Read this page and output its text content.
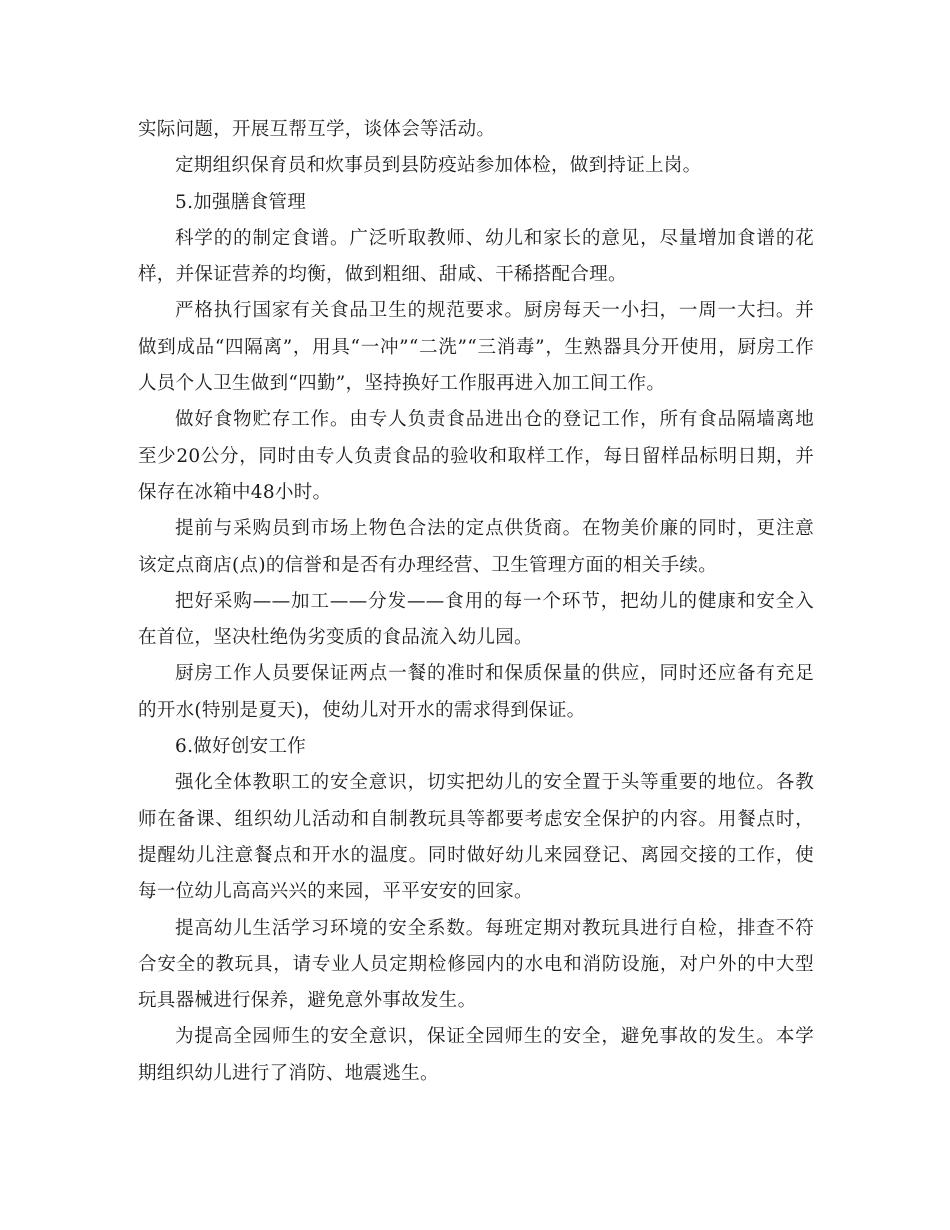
实际问题，开展互帮互学，谈体会等活动。

定期组织保育员和炊事员到县防疫站参加体检，做到持证上岗。

5.加强膳食管理

科学的的制定食谱。广泛听取教师、幼儿和家长的意见，尽量增加食谱的花样，并保证营养的均衡，做到粗细、甜咸、干稀搭配合理。

严格执行国家有关食品卫生的规范要求。厨房每天一小扫，一周一大扫。并做到成品“四隔离”，用具“一冲”“二洗”“三消毒”，生熟器具分开使用，厨房工作人员个人卫生做到“四勤”，坚持换好工作服再进入加工间工作。

做好食物贮存工作。由专人负责食品进出仓的登记工作，所有食品隔墙离地至少20公分，同时由专人负责食品的验收和取样工作，每日留样品标明日期，并保存在冰箱中48小时。

提前与采购员到市场上物色合法的定点供货商。在物美价廉的同时，更注意该定点商店(点)的信誉和是否有办理经营、卫生管理方面的相关手续。

把好采购——加工——分发——食用的每一个环节，把幼儿的健康和安全入在首位，坚决杜绝伪劣变质的食品流入幼儿园。

厨房工作人员要保证两点一餐的准时和保质保量的供应，同时还应备有充足的开水(特别是夏天)，使幼儿对开水的需求得到保证。

6.做好创安工作

强化全体教职工的安全意识，切实把幼儿的安全置于头等重要的地位。各教师在备课、组织幼儿活动和自制教玩具等都要考虑安全保护的内容。用餐点时，提醒幼儿注意餐点和开水的温度。同时做好幼儿来园登记、离园交接的工作，使每一位幼儿高高兴兴的来园，平平安安的回家。

提高幼儿生活学习环境的安全系数。每班定期对教玩具进行自检，排查不符合安全的教玩具，请专业人员定期检修园内的水电和消防设施，对户外的中大型玩具器械进行保养，避免意外事故发生。

为提高全园师生的安全意识，保证全园师生的安全，避免事故的发生。本学期组织幼儿进行了消防、地震逃生。
